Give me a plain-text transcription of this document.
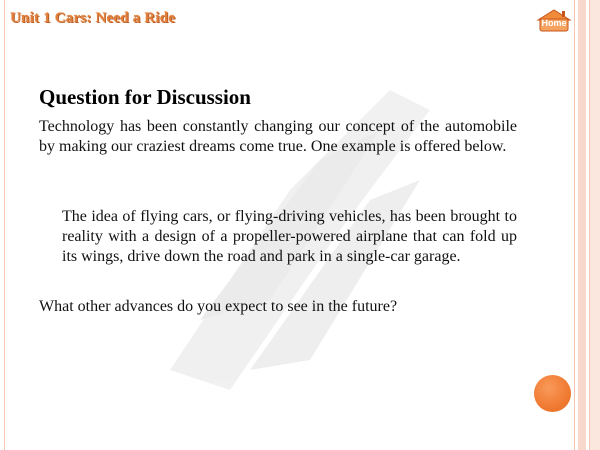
Unit 1 Cars: Need a Ride	Home
Question for Discussion
Technology has been constantly changing our concept of the automobile by making our craziest dreams come true. One example is offered below.
The idea of flying cars, or flying-driving vehicles, has been brought to reality with a design of a propeller-powered airplane that can fold up its wings, drive down the road and park in a single-car garage.
What other advances do you expect to see in the future?
